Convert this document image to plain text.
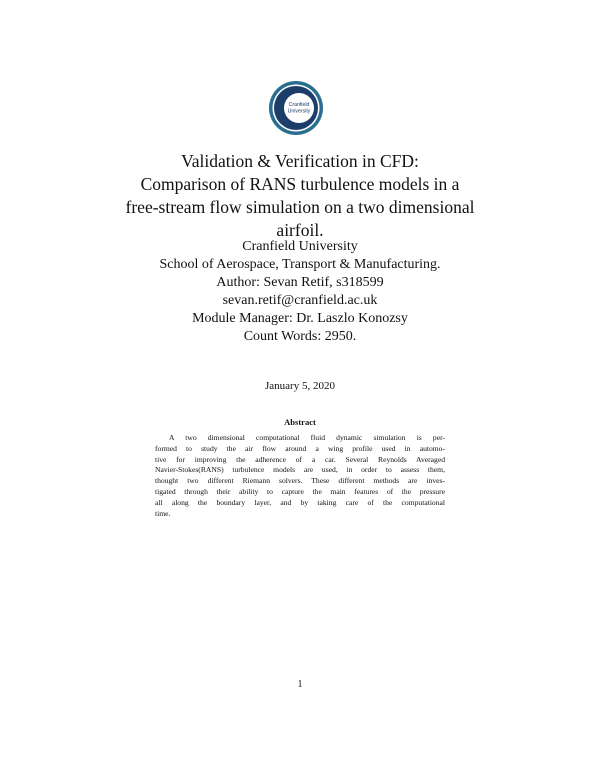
Cranfield
University
Validation & Verification in CFD:
Comparison of RANS turbulence models in a
free-stream flow simulation on a two dimensional
airfoil.
Cranfield University
School of Aerospace, Transport & Manufacturing.
Author: Sevan Retif, s318599
sevan.retif@cranfield.ac.uk
Module Manager: Dr. Laszlo Konozsy
Count Words: 2950.
January 5, 2020
Abstract
A two dimensional computational fluid dynamic simulation is per-
formed to study the air flow around a wing profile used in automo-
tive for improving the adherence of a car. Several Reynolds Averaged
Navier-Stokes(RANS) turbulence models are used, in order to assess them,
thought two different Riemann solvers. These different methods are inves-
tigated through their ability to capture the main features of the pressure
all along the boundary layer, and by taking care of the computational
time.
1
